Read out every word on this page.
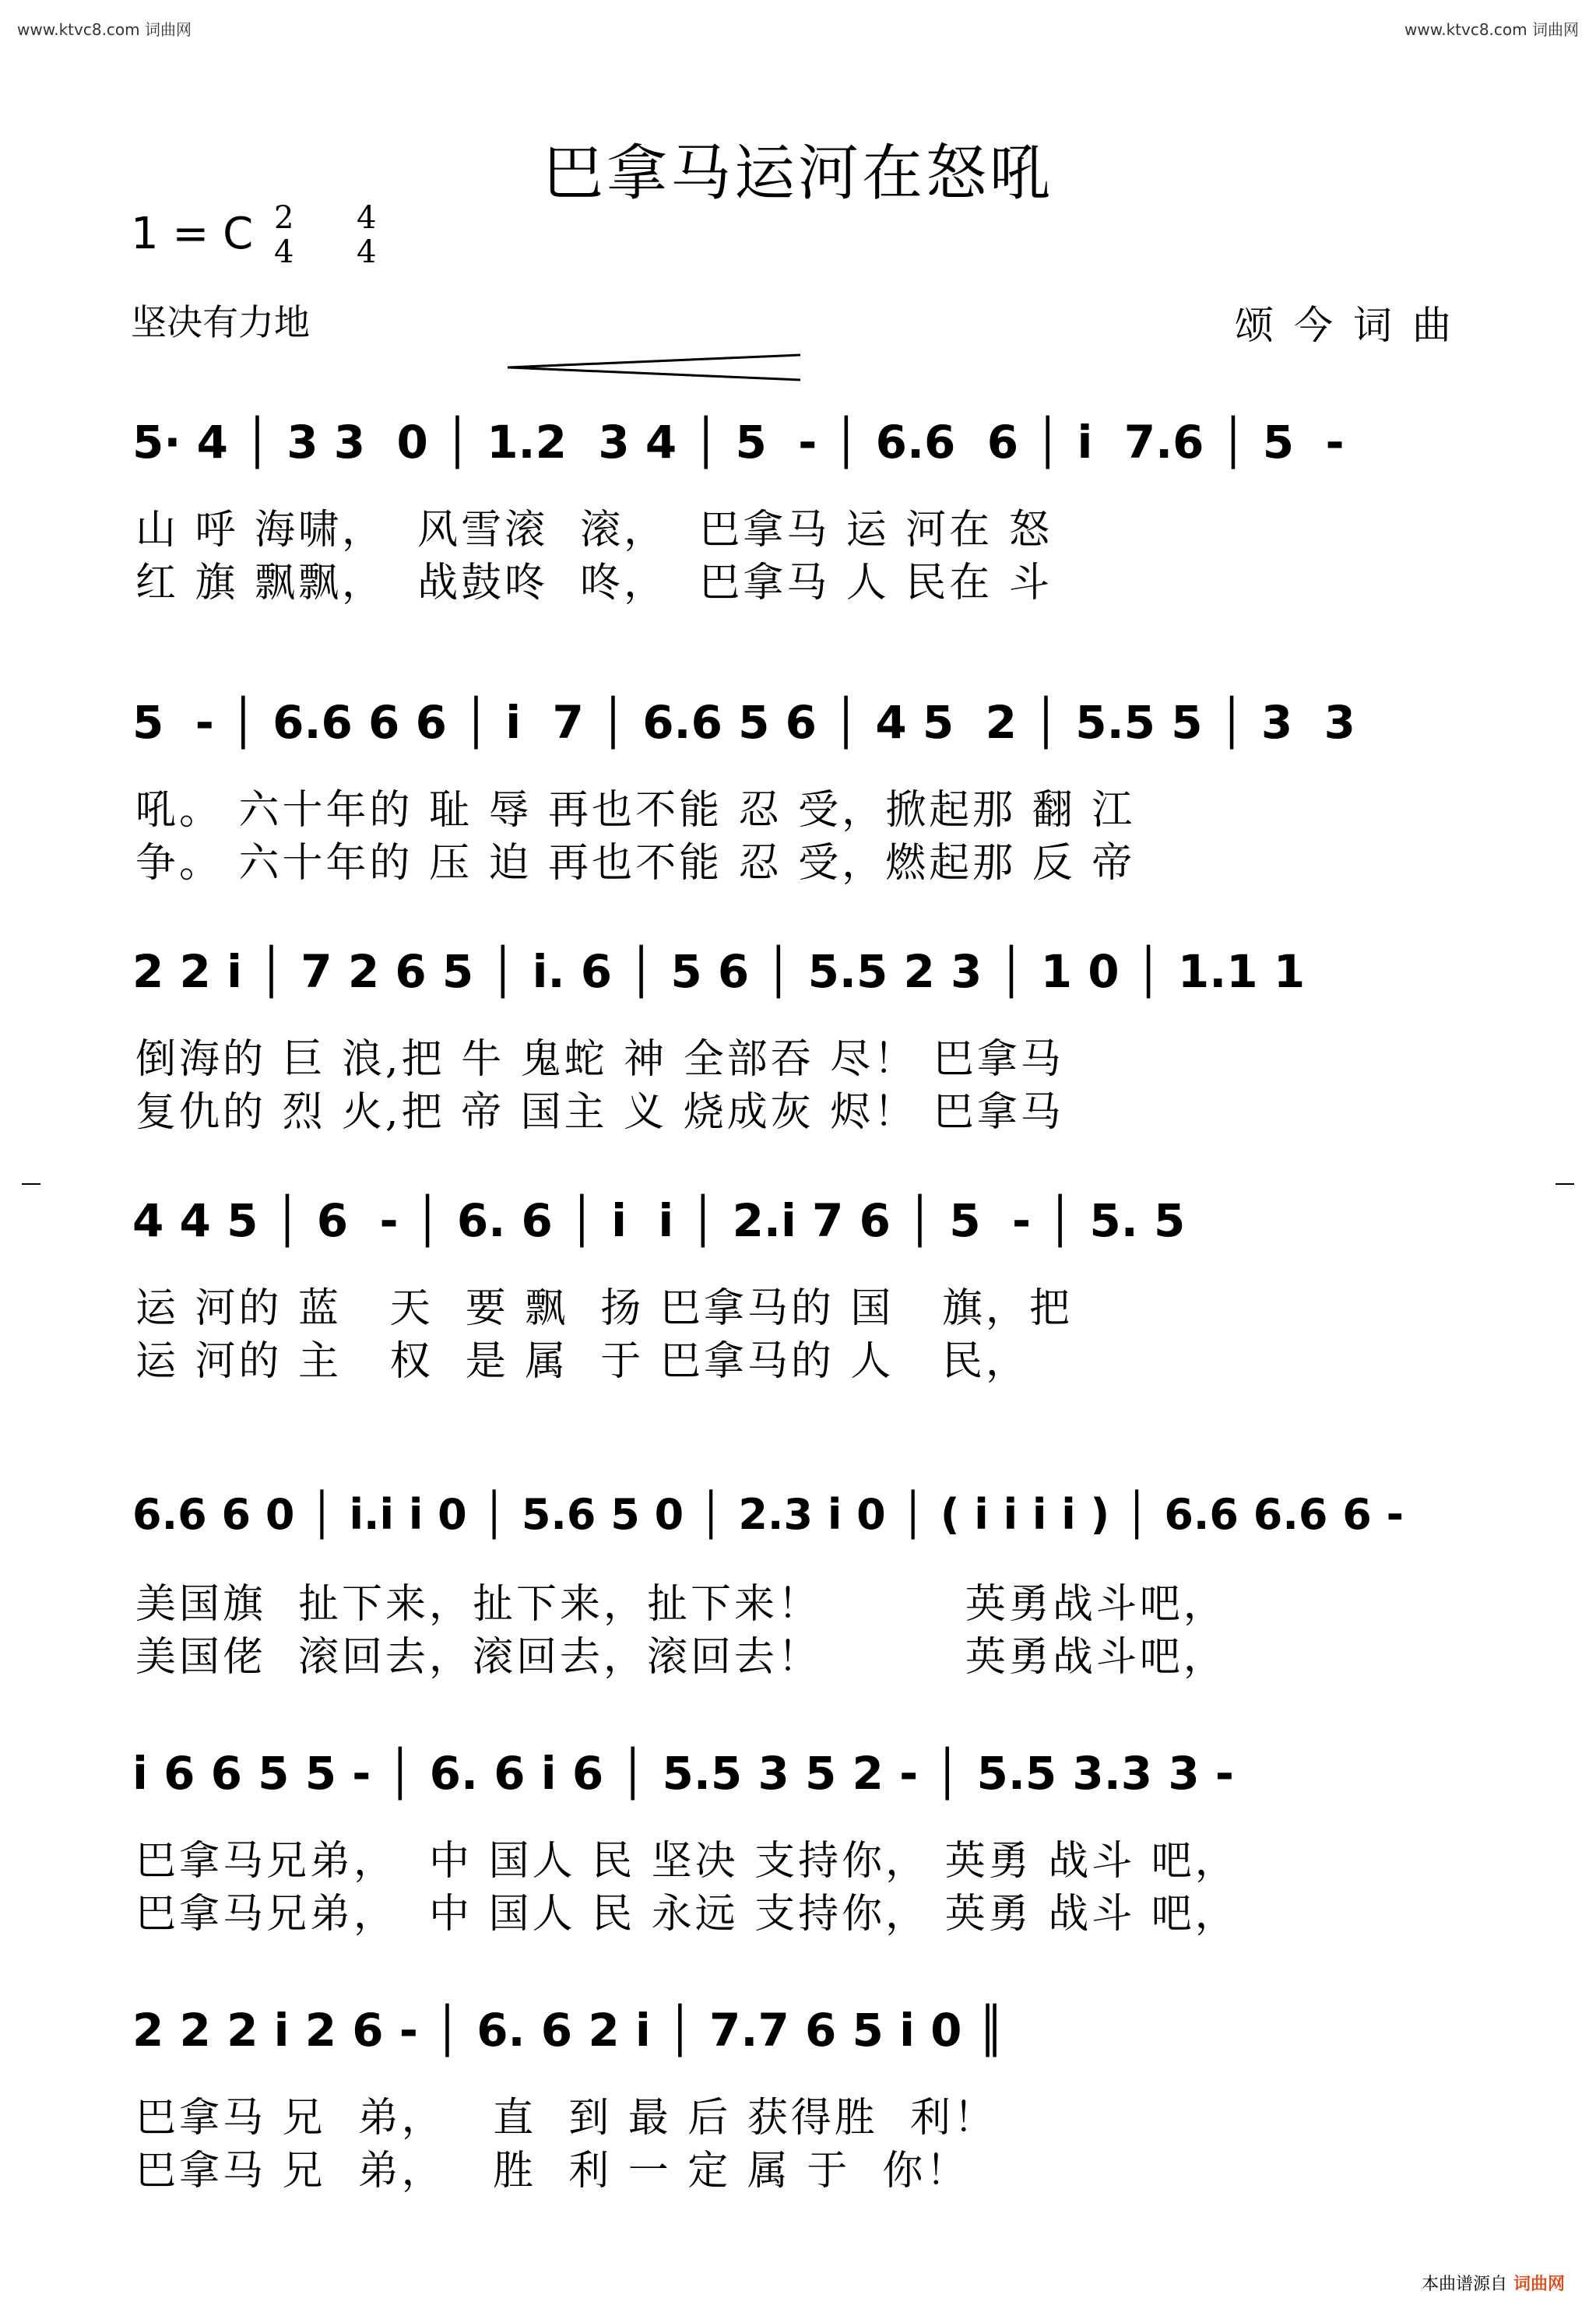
www.ktvc8.com 词曲网	www.ktvc8.com 词曲网
巴拿马运河在怒吼
1 = C 2
4
4
4
坚决有力地	颂今词曲
5· 4 │ 3 3  0 │ 1.2  3 4 │ 5  - │ 6.6  6 │ i  7.6 │ 5  -
山 呼 海啸，  风雪滚  滚，  巴拿马 运 河在 怒
红 旗 飘飘，  战鼓咚  咚，  巴拿马 人 民在 斗
5  - │ 6.6 6 6 │ i  7 │ 6.6 5 6 │ 4 5  2 │ 5.5 5 │ 3  3
吼。 六十年的 耻 辱 再也不能 忍 受，掀起那 翻 江
争。 六十年的 压 迫 再也不能 忍 受，燃起那 反 帝
2 2 i │ 7 2 6 5 │ i. 6 │ 5 6 │ 5.5 2 3 │ 1 0 │ 1.1 1
倒海的 巨 浪,把 牛 鬼蛇 神 全部吞 尽！ 巴拿马
复仇的 烈 火,把 帝 国主 义 烧成灰 烬！ 巴拿马
4 4 5 │ 6  - │ 6. 6 │ i  i │ 2.i 7 6 │ 5  - │ 5. 5
运 河的 蓝   天  要 飘  扬 巴拿马的 国   旗，把
运 河的 主   权  是 属  于 巴拿马的 人   民，
6.6 6 0 │ i.i i 0 │ 5.6 5 0 │ 2.3 i 0 │ ( i i i i ) │ 6.6 6.6 6 -
美国旗  扯下来，扯下来，扯下来！         英勇战斗吧，
美国佬  滚回去，滚回去，滚回去！         英勇战斗吧，
i 6 6 5 5 - │ 6. 6 i 6 │ 5.5 3 5 2 - │ 5.5 3.3 3 -
巴拿马兄弟，  中 国人 民 坚决 支持你， 英勇 战斗 吧，
巴拿马兄弟，  中 国人 民 永远 支持你， 英勇 战斗 吧，
2 2 2 i 2 6 - │ 6. 6 2 i │ 7.7 6 5 i 0 ║
巴拿马 兄  弟，   直  到 最 后 获得胜  利！
巴拿马 兄  弟，   胜  利 一 定 属 于  你！
本曲谱源自 词曲网
